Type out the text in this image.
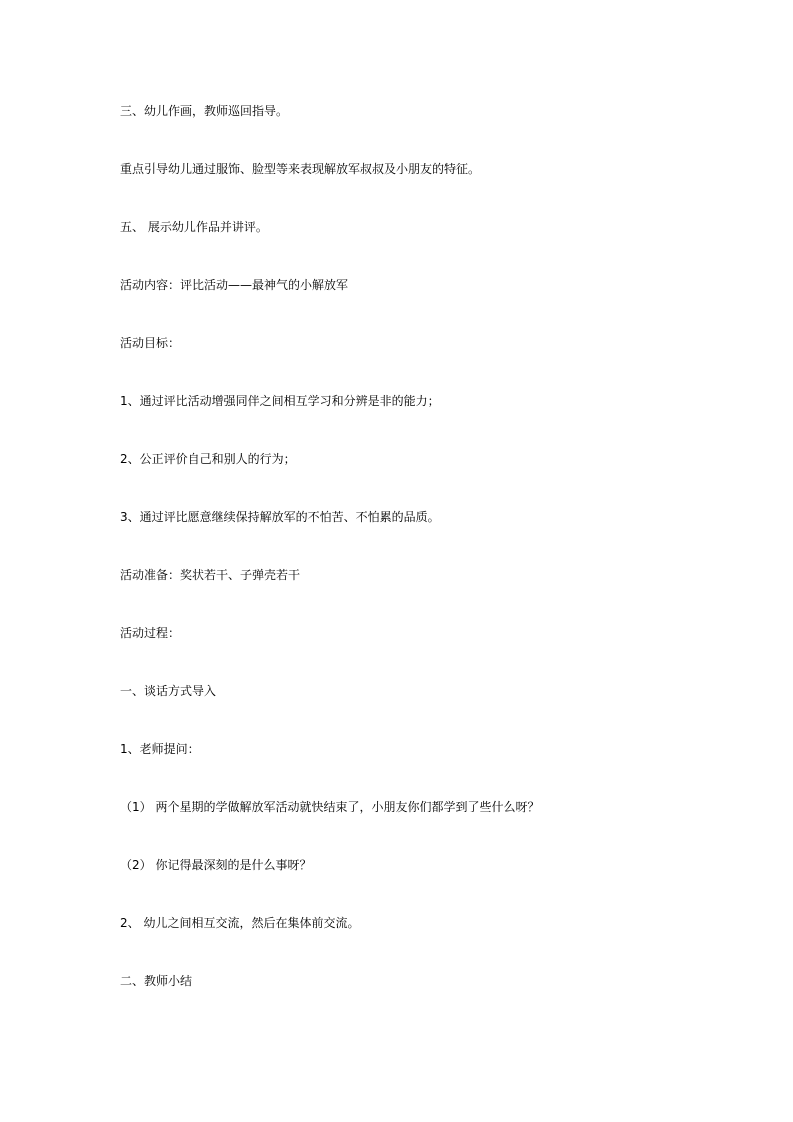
三、幼儿作画，教师巡回指导。
重点引导幼儿通过服饰、脸型等来表现解放军叔叔及小朋友的特征。
五、 展示幼儿作品并讲评。
活动内容：评比活动——最神气的小解放军
活动目标：
1、通过评比活动增强同伴之间相互学习和分辨是非的能力；
2、公正评价自己和别人的行为；
3、通过评比愿意继续保持解放军的不怕苦、不怕累的品质。
活动准备：奖状若干、子弹壳若干
活动过程：
一、谈话方式导入
1、老师提问：
（1） 两个星期的学做解放军活动就快结束了，小朋友你们都学到了些什么呀？
（2） 你记得最深刻的是什么事呀？
2、 幼儿之间相互交流，然后在集体前交流。
二、教师小结
